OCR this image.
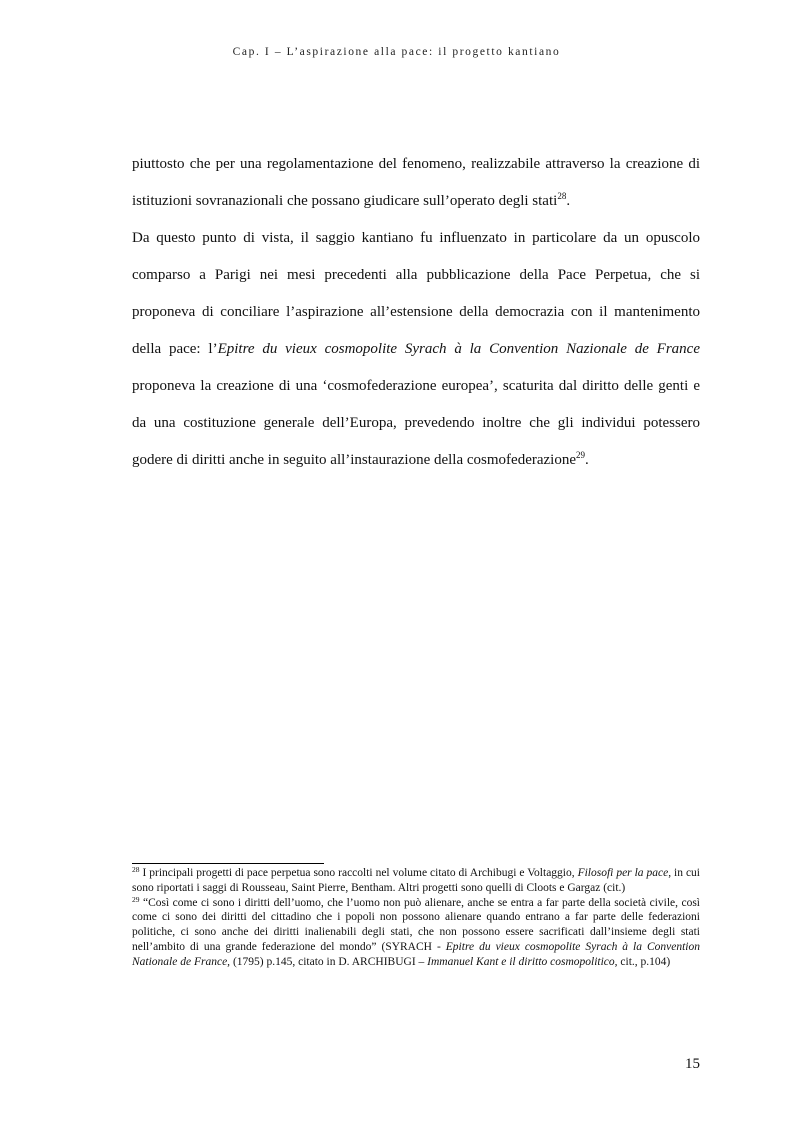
Cap. I – L’aspirazione alla pace: il progetto kantiano

piuttosto che per una regolamentazione del fenomeno, realizzabile attraverso la creazione di istituzioni sovranazionali che possano giudicare sull’operato degli stati$^{28}$.

Da questo punto di vista, il saggio kantiano fu influenzato in particolare da un opuscolo comparso a Parigi nei mesi precedenti alla pubblicazione della Pace Perpetua, che si proponeva di conciliare l’aspirazione all’estensione della democrazia con il mantenimento della pace: l’Epitre du vieux cosmopolite Syrach à la Convention Nazionale de France proponeva la creazione di una ‘cosmofederazione europea’, scaturita dal diritto delle genti e da una costituzione generale dell’Europa, prevedendo inoltre che gli individui potessero godere di diritti anche in seguito all’instaurazione della cosmofederazione$^{29}$.

$^{28}$ I principali progetti di pace perpetua sono raccolti nel volume citato di Archibugi e Voltaggio, Filosofi per la pace, in cui sono riportati i saggi di Rousseau, Saint Pierre, Bentham. Altri progetti sono quelli di Cloots e Gargaz (cit.)

$^{29}$ “Così come ci sono i diritti dell’uomo, che l’uomo non può alienare, anche se entra a far parte della società civile, così come ci sono dei diritti del cittadino che i popoli non possono alienare quando entrano a far parte delle federazioni politiche, ci sono anche dei diritti inalienabili degli stati, che non possono essere sacrificati dall’insieme degli stati nell’ambito di una grande federazione del mondo” (SYRACH - Epitre du vieux cosmopolite Syrach à la Convention Nationale de France, (1795) p.145, citato in D. ARCHIBUGI – Immanuel Kant e il diritto cosmopolitico, cit., p.104)

15
